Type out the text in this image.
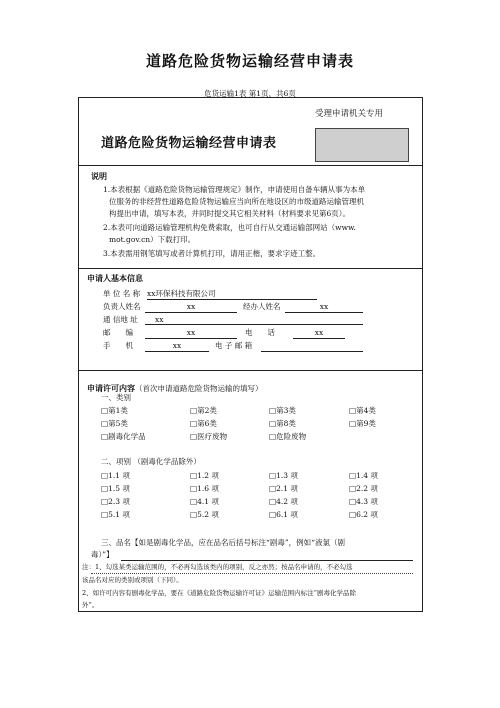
道路危险货物运输经营申请表
危货运输1表 第1页，共6页
道路危险货物运输经营申请表
受理申请机关专用
说明
1.本表根据《道路危险货物运输管理规定》制作，申请使用自备车辆从事为本单
位服务的非经营性道路危险货物运输应当向所在地设区的市级道路运输管理机
构提出申请，填写本表，并同时提交其它相关材料（材料要求见第6页）。
2.本表可向道路运输管理机构免费索取，也可自行从交通运输部网站（www.
mot.gov.cn）下载打印。
3.本表需用钢笔填写或者计算机打印，请用正楷，要求字迹工整。
申请人基本信息
单 位 名 称 xx环保科技有限公司
负责人姓名	xx	经办人姓名	xx
通 信地 址	xx
邮　　编	xx	电　　话	xx
手　　机	xx	电 子 邮 箱
申请许可内容（首次申请道路危险货物运输的填写）
一、类别
□第1类	□第2类	□第3类	□第4类
□第5类	□第6类	□第8类	□第9类
□剧毒化学品	□医疗废物	□危险废物
二、项别 （剧毒化学品除外）
□1.1 项	□1.2 项	□1.3 项	□1.4 项
□1.5 项	□1.6 项	□2.1 项	□2.2 项
□2.3 项	□4.1 项	□4.2 项	□4.3 项
□5.1 项	□5.2 项	□6.1 项	□6.2 项
三、品名【如是剧毒化学品，应在品名后括号标注“剧毒”，例如“液氯（剧
毒）”】
注：1、勾选某类运输范围的，不必再勾选该类内的项别，反之亦然；按品名申请的，不必勾选
该品名对应的类别或项别（下同）。
2、如许可内容有剧毒化学品，要在《道路危险货物运输许可证》运输范围内标注“剧毒化学品除
外”。
